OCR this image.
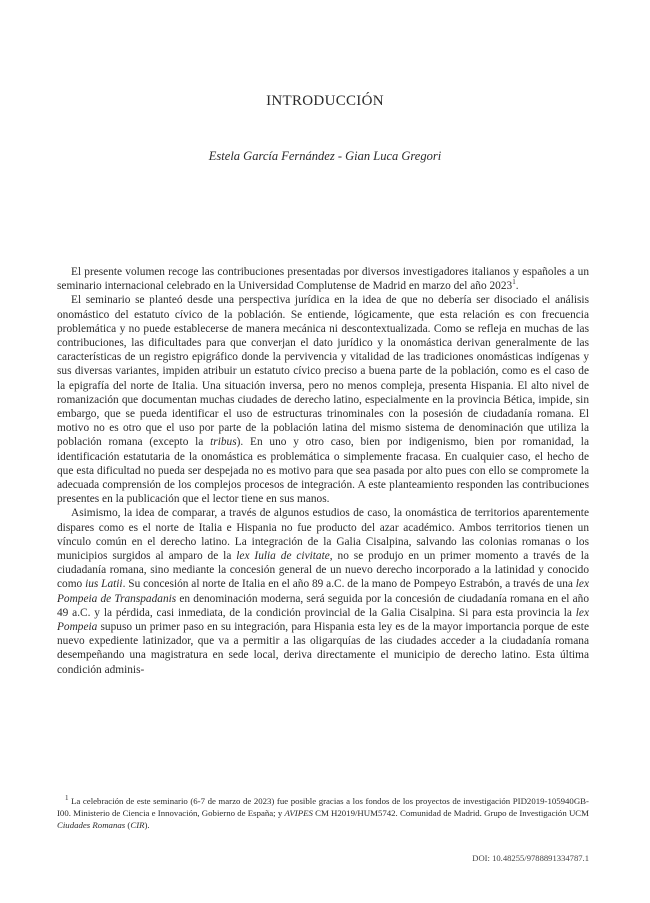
INTRODUCCIÓN
Estela García Fernández - Gian Luca Gregori

El presente volumen recoge las contribuciones presentadas por diversos investigadores italianos y españoles a un seminario internacional celebrado en la Universidad Complutense de Madrid en marzo del año 2023$^1$.

El seminario se planteó desde una perspectiva jurídica en la idea de que no debería ser disociado el análisis onomástico del estatuto cívico de la población. Se entiende, lógicamente, que esta relación es con frecuencia problemática y no puede establecerse de manera mecánica ni descontextualizada. Como se refleja en muchas de las contribuciones, las dificultades para que converjan el dato jurídico y la onomástica derivan generalmente de las características de un registro epigráfico donde la pervivencia y vitalidad de las tradiciones onomásticas indígenas y sus diversas variantes, impiden atribuir un estatuto cívico preciso a buena parte de la población, como es el caso de la epigrafía del norte de Italia. Una situación inversa, pero no menos compleja, presenta Hispania. El alto nivel de romanización que documentan muchas ciudades de derecho latino, especialmente en la provincia Bética, impide, sin embargo, que se pueda identificar el uso de estructuras trinominales con la posesión de ciudadanía romana. El motivo no es otro que el uso por parte de la población latina del mismo sistema de denominación que utiliza la población romana (excepto la tribus). En uno y otro caso, bien por indigenismo, bien por romanidad, la identificación estatutaria de la onomástica es problemática o simplemente fracasa. En cualquier caso, el hecho de que esta dificultad no pueda ser despejada no es motivo para que sea pasada por alto pues con ello se compromete la adecuada comprensión de los complejos procesos de integración. A este planteamiento responden las contribuciones presentes en la publicación que el lector tiene en sus manos.

Asimismo, la idea de comparar, a través de algunos estudios de caso, la onomástica de territorios aparentemente dispares como es el norte de Italia e Hispania no fue producto del azar académico. Ambos territorios tienen un vínculo común en el derecho latino. La integración de la Galia Cisalpina, salvando las colonias romanas o los municipios surgidos al amparo de la lex Iulia de civitate, no se produjo en un primer momento a través de la ciudadanía romana, sino mediante la concesión general de un nuevo derecho incorporado a la latinidad y conocido como ius Latii. Su concesión al norte de Italia en el año 89 a.C. de la mano de Pompeyo Estrabón, a través de una lex Pompeia de Transpadanis en denominación moderna, será seguida por la concesión de ciudadanía romana en el año 49 a.C. y la pérdida, casi inmediata, de la condición provincial de la Galia Cisalpina. Si para esta provincia la lex Pompeia supuso un primer paso en su integración, para Hispania esta ley es de la mayor importancia porque de este nuevo expediente latinizador, que va a permitir a las oligarquías de las ciudades acceder a la ciudadanía romana desempeñando una magistratura en sede local, deriva directamente el municipio de derecho latino. Esta última condición adminis-

$^1$ La celebración de este seminario (6-7 de marzo de 2023) fue posible gracias a los fondos de los proyectos de investigación PID2019-105940GB-I00. Ministerio de Ciencia e Innovación, Gobierno de España; y AVIPES CM H2019/HUM5742. Comunidad de Madrid. Grupo de Investigación UCM Ciudades Romanas (CIR).

DOI: 10.48255/9788891334787.1
